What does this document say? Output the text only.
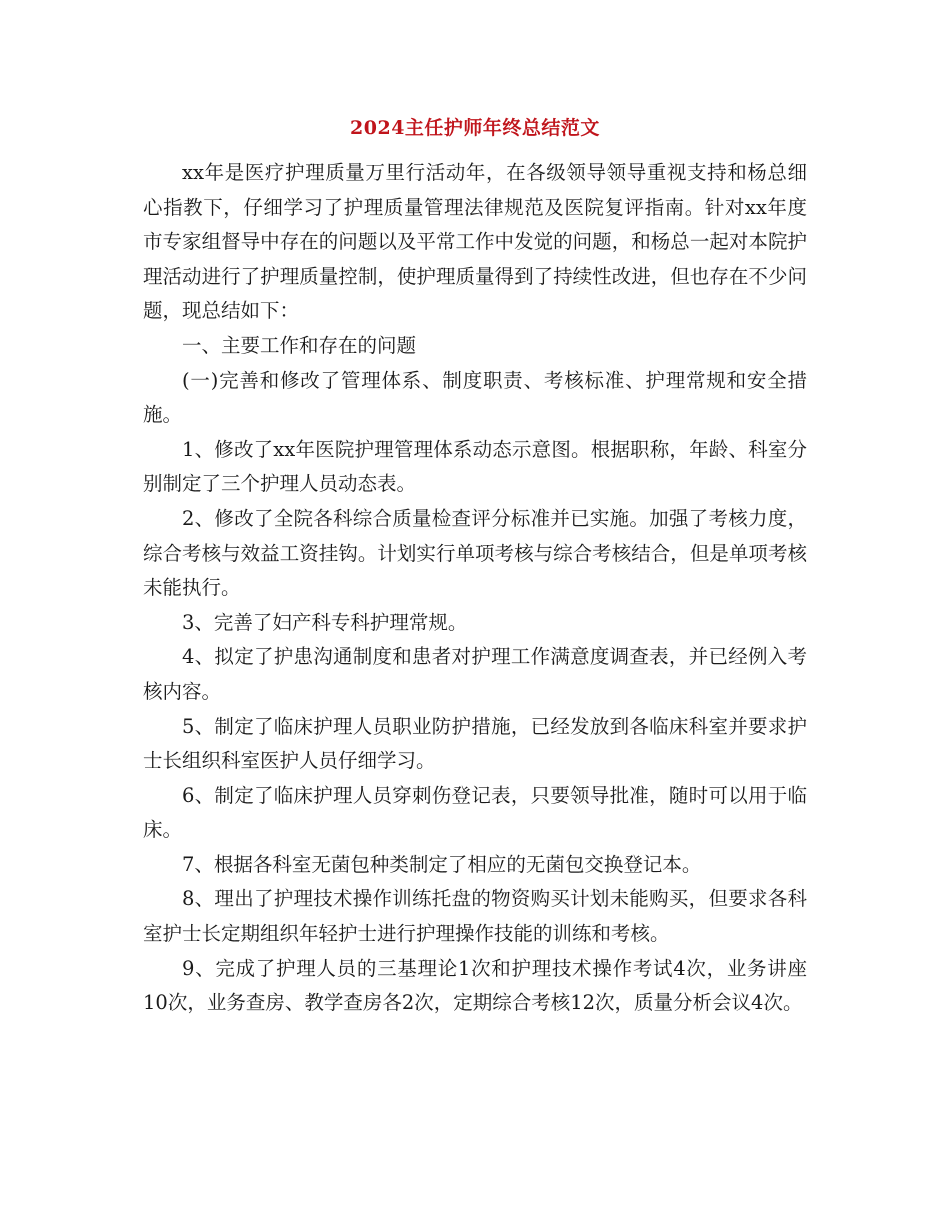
2024主任护师年终总结范文

xx年是医疗护理质量万里行活动年，在各级领导领导重视支持和杨总细心指教下，仔细学习了护理质量管理法律规范及医院复评指南。针对xx年度市专家组督导中存在的问题以及平常工作中发觉的问题，和杨总一起对本院护理活动进行了护理质量控制，使护理质量得到了持续性改进，但也存在不少问题，现总结如下：

一、主要工作和存在的问题

(一)完善和修改了管理体系、制度职责、考核标准、护理常规和安全措施。

1、修改了xx年医院护理管理体系动态示意图。根据职称，年龄、科室分别制定了三个护理人员动态表。

2、修改了全院各科综合质量检查评分标准并已实施。加强了考核力度，综合考核与效益工资挂钩。计划实行单项考核与综合考核结合，但是单项考核未能执行。

3、完善了妇产科专科护理常规。

4、拟定了护患沟通制度和患者对护理工作满意度调查表，并已经例入考核内容。

5、制定了临床护理人员职业防护措施，已经发放到各临床科室并要求护士长组织科室医护人员仔细学习。

6、制定了临床护理人员穿刺伤登记表，只要领导批准，随时可以用于临床。

7、根据各科室无菌包种类制定了相应的无菌包交换登记本。

8、理出了护理技术操作训练托盘的物资购买计划未能购买，但要求各科室护士长定期组织年轻护士进行护理操作技能的训练和考核。

9、完成了护理人员的三基理论1次和护理技术操作考试4次，业务讲座10次，业务查房、教学查房各2次，定期综合考核12次，质量分析会议4次。
